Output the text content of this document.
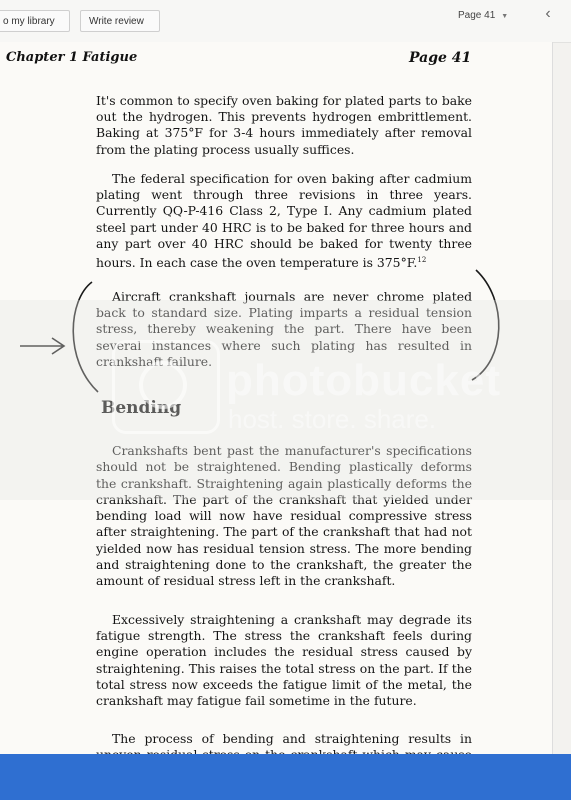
o my library	Write review
Page 41 ▼	‹
Chapter 1 Fatigue	Page 41

It's common to specify oven baking for plated parts to bake out the hydrogen. This prevents hydrogen embrittlement. Baking at 375°F for 3-4 hours immediately after removal from the plating process usually suffices.

The federal specification for oven baking after cadmium plating went through three revisions in three years. Currently QQ-P-416 Class 2, Type I. Any cadmium plated steel part under 40 HRC is to be baked for three hours and any part over 40 HRC should be baked for twenty three hours. In each case the oven temperature is 375°F.$^{12}$

Aircraft crankshaft journals are never chrome plated back to standard size. Plating imparts a residual tension stress, thereby weakening the part. There have been several instances where such plating has resulted in crankshaft failure.

Bending

Crankshafts bent past the manufacturer's specifications should not be straightened. Bending plastically deforms the crankshaft. Straightening again plastically deforms the crankshaft. The part of the crankshaft that yielded under bending load will now have residual compressive stress after straightening. The part of the crankshaft that had not yielded now has residual tension stress. The more bending and straightening done to the crankshaft, the greater the amount of residual stress left in the crankshaft.

Excessively straightening a crankshaft may degrade its fatigue strength. The stress the crankshaft feels during engine operation includes the residual stress caused by straightening. This raises the total stress on the part. If the total stress now exceeds the fatigue limit of the metal, the crankshaft may fatigue fail sometime in the future.

The process of bending and straightening results in

photobucket
host. store. share.
